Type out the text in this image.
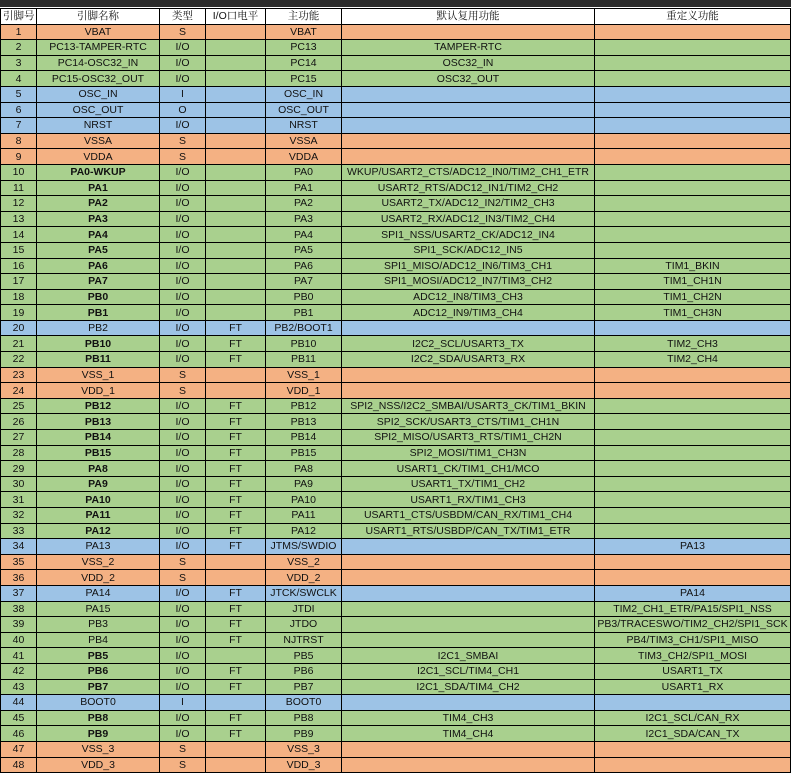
引脚号	引脚名称	类型	I/O口电平	主功能	默认复用功能	重定义功能
1	VBAT	S		VBAT		
2	PC13-TAMPER-RTC	I/O		PC13	TAMPER-RTC	
3	PC14-OSC32_IN	I/O		PC14	OSC32_IN	
4	PC15-OSC32_OUT	I/O		PC15	OSC32_OUT	
5	OSC_IN	I		OSC_IN		
6	OSC_OUT	O		OSC_OUT		
7	NRST	I/O		NRST		
8	VSSA	S		VSSA		
9	VDDA	S		VDDA		
10	PA0-WKUP	I/O		PA0	WKUP/USART2_CTS/ADC12_IN0/TIM2_CH1_ETR	
11	PA1	I/O		PA1	USART2_RTS/ADC12_IN1/TIM2_CH2	
12	PA2	I/O		PA2	USART2_TX/ADC12_IN2/TIM2_CH3	
13	PA3	I/O		PA3	USART2_RX/ADC12_IN3/TIM2_CH4	
14	PA4	I/O		PA4	SPI1_NSS/USART2_CK/ADC12_IN4	
15	PA5	I/O		PA5	SPI1_SCK/ADC12_IN5	
16	PA6	I/O		PA6	SPI1_MISO/ADC12_IN6/TIM3_CH1	TIM1_BKIN
17	PA7	I/O		PA7	SPI1_MOSI/ADC12_IN7/TIM3_CH2	TIM1_CH1N
18	PB0	I/O		PB0	ADC12_IN8/TIM3_CH3	TIM1_CH2N
19	PB1	I/O		PB1	ADC12_IN9/TIM3_CH4	TIM1_CH3N
20	PB2	I/O	FT	PB2/BOOT1		
21	PB10	I/O	FT	PB10	I2C2_SCL/USART3_TX	TIM2_CH3
22	PB11	I/O	FT	PB11	I2C2_SDA/USART3_RX	TIM2_CH4
23	VSS_1	S		VSS_1		
24	VDD_1	S		VDD_1		
25	PB12	I/O	FT	PB12	SPI2_NSS/I2C2_SMBAI/USART3_CK/TIM1_BKIN	
26	PB13	I/O	FT	PB13	SPI2_SCK/USART3_CTS/TIM1_CH1N	
27	PB14	I/O	FT	PB14	SPI2_MISO/USART3_RTS/TIM1_CH2N	
28	PB15	I/O	FT	PB15	SPI2_MOSI/TIM1_CH3N	
29	PA8	I/O	FT	PA8	USART1_CK/TIM1_CH1/MCO	
30	PA9	I/O	FT	PA9	USART1_TX/TIM1_CH2	
31	PA10	I/O	FT	PA10	USART1_RX/TIM1_CH3	
32	PA11	I/O	FT	PA11	USART1_CTS/USBDM/CAN_RX/TIM1_CH4	
33	PA12	I/O	FT	PA12	USART1_RTS/USBDP/CAN_TX/TIM1_ETR	
34	PA13	I/O	FT	JTMS/SWDIO		PA13
35	VSS_2	S		VSS_2		
36	VDD_2	S		VDD_2		
37	PA14	I/O	FT	JTCK/SWCLK		PA14
38	PA15	I/O	FT	JTDI		TIM2_CH1_ETR/PA15/SPI1_NSS
39	PB3	I/O	FT	JTDO		PB3/TRACESWO/TIM2_CH2/SPI1_SCK
40	PB4	I/O	FT	NJTRST		PB4/TIM3_CH1/SPI1_MISO
41	PB5	I/O		PB5	I2C1_SMBAI	TIM3_CH2/SPI1_MOSI
42	PB6	I/O	FT	PB6	I2C1_SCL/TIM4_CH1	USART1_TX
43	PB7	I/O	FT	PB7	I2C1_SDA/TIM4_CH2	USART1_RX
44	BOOT0	I		BOOT0		
45	PB8	I/O	FT	PB8	TIM4_CH3	I2C1_SCL/CAN_RX
46	PB9	I/O	FT	PB9	TIM4_CH4	I2C1_SDA/CAN_TX
47	VSS_3	S		VSS_3		
48	VDD_3	S		VDD_3		
